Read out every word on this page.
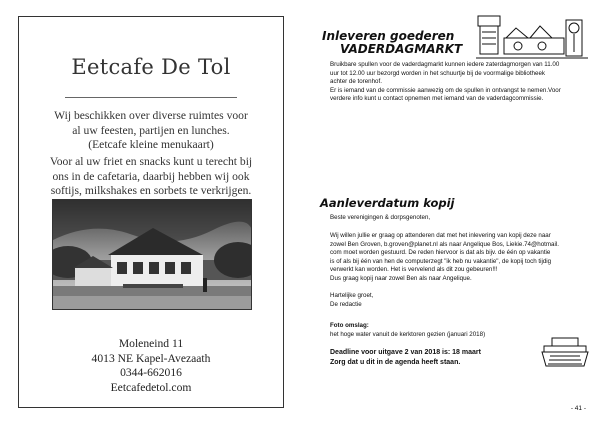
Eetcafe De Tol
Wij beschikken over diverse ruimtes voor
al uw feesten, partijen en lunches.
(Eetcafe kleine menukaart)
Voor al uw friet en snacks kunt u terecht bij
ons in de cafetaria, daarbij hebben wij ook
softijs, milkshakes en sorbets te verkrijgen.
Moleneind 11
4013 NE Kapel-Avezaath
0344-662016
Eetcafedetol.com
Inleveren goederen
VADERDAGMARKT
Bruikbare spullen voor de vaderdagmarkt kunnen iedere zaterdagmorgen van 11.00
uur tot 12.00 uur bezorgd worden in het schuurtje bij de voormalige bibliotheek
achter de torenhof.
Er is iemand van de commissie aanwezig om de spullen in ontvangst te nemen.Voor
verdere info kunt u contact opnemen met iemand van de vaderdagcommissie.
Aanleverdatum kopij
Beste verenigingen & dorpsgenoten,
Wij willen jullie er graag op attenderen dat met het inlevering van kopij deze naar
zowel Ben Groven, b.groven@planet.nl als naar Angelique Bos, Liekie.74@hotmail.
com moet worden gestuurd. De reden hiervoor is dat als bijv. de één op vakantie
is of als bij één van hen de computerzegt "ik heb nu vakantie", de kopij toch tijdig
verwerkt kan worden. Het is vervelend als dit zou gebeuren!!!
Dus graag kopij naar zowel Ben als naar Angelique.
Hartelijke groet,
De redactie
Foto omslag:
het hoge water vanuit de kerktoren gezien (januari 2018)
Deadline voor uitgave 2 van 2018 is: 18 maart
Zorg dat u dit in de agenda heeft staan.
- 41 -
